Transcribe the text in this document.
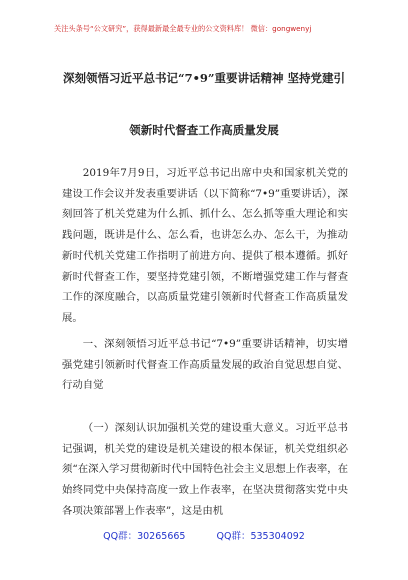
关注头条号“公文研究”，获得最新最全最专业的公文资料库！ 微信：gongwenyj
深刻领悟习近平总书记“7•9”重要讲话精神 坚持党建引
领新时代督查工作高质量发展

2019年7月9日，习近平总书记出席中央和国家机关党的建设工作会议并发表重要讲话（以下简称“7•9”重要讲话），深刻回答了机关党建为什么抓、抓什么、怎么抓等重大理论和实践问题，既讲是什么、怎么看，也讲怎么办、怎么干，为推动新时代机关党建工作指明了前进方向、提供了根本遵循。抓好新时代督查工作，要坚持党建引领，不断增强党建工作与督查工作的深度融合，以高质量党建引领新时代督查工作高质量发展。

一、深刻领悟习近平总书记“7•9”重要讲话精神，切实增强党建引领新时代督查工作高质量发展的政治自觉思想自觉、行动自觉

（一）深刻认识加强机关党的建设重大意义。习近平总书记强调，机关党的建设是机关建设的根本保证，机关党组织必须“在深入学习贯彻新时代中国特色社会主义思想上作表率，在始终同党中央保持高度一致上作表率，在坚决贯彻落实党中央各项决策部署上作表率”，这是由机

QQ群：30265665	QQ群：535304092
